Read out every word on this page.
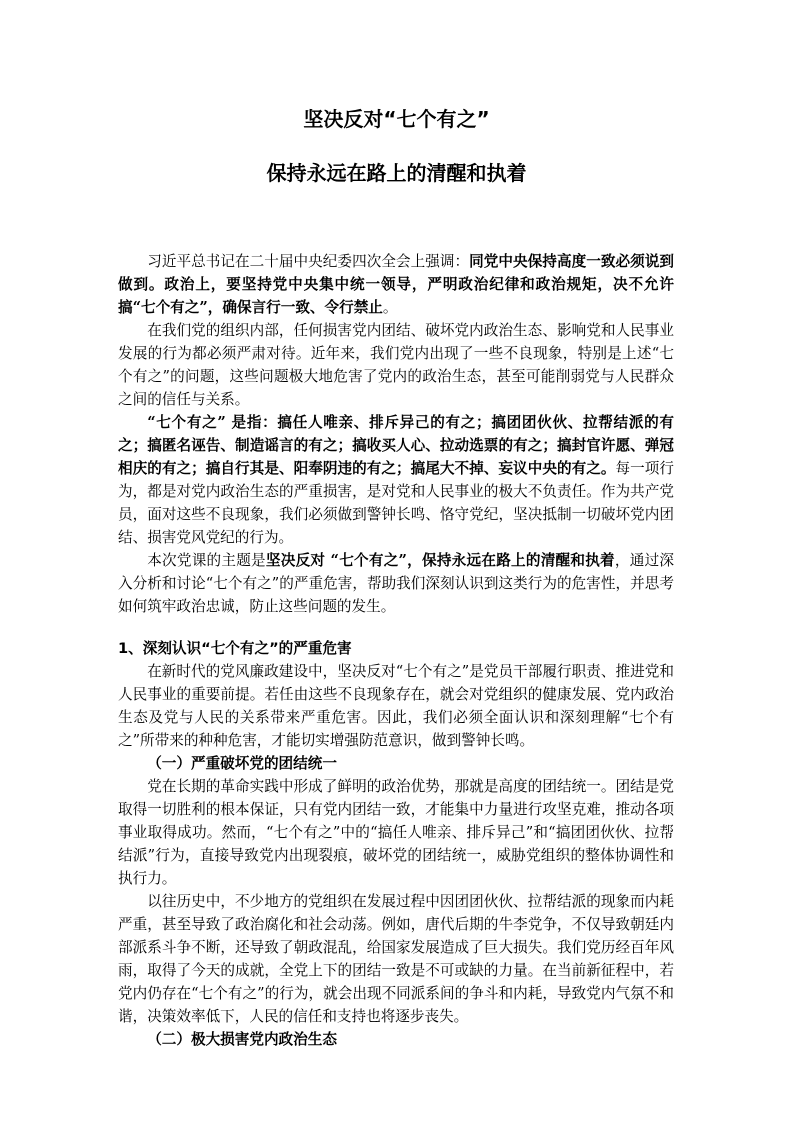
坚决反对“七个有之”
保持永远在路上的清醒和执着

习近平总书记在二十届中央纪委四次全会上强调：同党中央保持高度一致必须说到做到。政治上，要坚持党中央集中统一领导，严明政治纪律和政治规矩，决不允许搞“七个有之”，确保言行一致、令行禁止。

在我们党的组织内部，任何损害党内团结、破坏党内政治生态、影响党和人民事业发展的行为都必须严肃对待。近年来，我们党内出现了一些不良现象，特别是上述“七个有之”的问题，这些问题极大地危害了党内的政治生态，甚至可能削弱党与人民群众之间的信任与关系。

“七个有之” 是指：搞任人唯亲、排斥异己的有之；搞团团伙伙、拉帮结派的有之；搞匿名诬告、制造谣言的有之；搞收买人心、拉动选票的有之；搞封官许愿、弹冠相庆的有之；搞自行其是、阳奉阴违的有之；搞尾大不掉、妄议中央的有之。每一项行为，都是对党内政治生态的严重损害，是对党和人民事业的极大不负责任。作为共产党员，面对这些不良现象，我们必须做到警钟长鸣、恪守党纪，坚决抵制一切破坏党内团结、损害党风党纪的行为。

本次党课的主题是坚决反对 “七个有之”，保持永远在路上的清醒和执着，通过深入分析和讨论“七个有之”的严重危害，帮助我们深刻认识到这类行为的危害性，并思考如何筑牢政治忠诚，防止这些问题的发生。

1、深刻认识“七个有之”的严重危害

在新时代的党风廉政建设中，坚决反对“七个有之”是党员干部履行职责、推进党和人民事业的重要前提。若任由这些不良现象存在，就会对党组织的健康发展、党内政治生态及党与人民的关系带来严重危害。因此，我们必须全面认识和深刻理解“七个有之”所带来的种种危害，才能切实增强防范意识，做到警钟长鸣。

（一）严重破坏党的团结统一

党在长期的革命实践中形成了鲜明的政治优势，那就是高度的团结统一。团结是党取得一切胜利的根本保证，只有党内团结一致，才能集中力量进行攻坚克难，推动各项事业取得成功。然而，“七个有之”中的“搞任人唯亲、排斥异己”和“搞团团伙伙、拉帮结派”行为，直接导致党内出现裂痕，破坏党的团结统一，威胁党组织的整体协调性和执行力。

以往历史中，不少地方的党组织在发展过程中因团团伙伙、拉帮结派的现象而内耗严重，甚至导致了政治腐化和社会动荡。例如，唐代后期的牛李党争，不仅导致朝廷内部派系斗争不断，还导致了朝政混乱，给国家发展造成了巨大损失。我们党历经百年风雨，取得了今天的成就，全党上下的团结一致是不可或缺的力量。在当前新征程中，若党内仍存在“七个有之”的行为，就会出现不同派系间的争斗和内耗，导致党内气氛不和谐，决策效率低下，人民的信任和支持也将逐步丧失。

（二）极大损害党内政治生态
